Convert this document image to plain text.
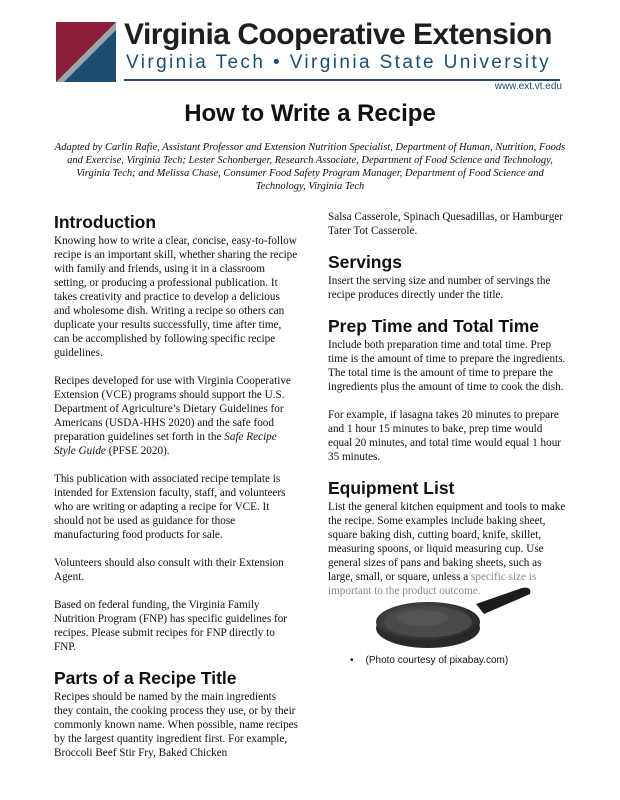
Virginia Cooperative Extension
Virginia Tech • Virginia State University
www.ext.vt.edu
How to Write a Recipe
Adapted by Carlin Rafie, Assistant Professor and Extension Nutrition Specialist, Department of Human, Nutrition, Foods and Exercise, Virginia Tech; Lester Schonberger, Research Associate, Department of Food Science and Technology, Virginia Tech; and Melissa Chase, Consumer Food Safety Program Manager, Department of Food Science and Technology, Virginia Tech
Introduction

Knowing how to write a clear, concise, easy-to-follow recipe is an important skill, whether sharing the recipe with family and friends, using it in a classroom setting, or producing a professional publication. It takes creativity and practice to develop a delicious and wholesome dish. Writing a recipe so others can duplicate your results successfully, time after time, can be accomplished by following specific recipe guidelines.

Recipes developed for use with Virginia Cooperative Extension (VCE) programs should support the U.S. Department of Agriculture’s Dietary Guidelines for Americans (USDA-HHS 2020) and the safe food preparation guidelines set forth in the Safe Recipe Style Guide (PFSE 2020).

This publication with associated recipe template is intended for Extension faculty, staff, and volunteers who are writing or adapting a recipe for VCE. It should not be used as guidance for those manufacturing food products for sale.

Volunteers should also consult with their Extension Agent.

Based on federal funding, the Virginia Family Nutrition Program (FNP) has specific guidelines for recipes. Please submit recipes for FNP directly to FNP.

Parts of a Recipe Title

Recipes should be named by the main ingredients they contain, the cooking process they use, or by their commonly known name. When possible, name recipes by the largest quantity ingredient first. For example, Broccoli Beef Stir Fry, Baked Chicken

Salsa Casserole, Spinach Quesadillas, or Hamburger Tater Tot Casserole.

Servings

Insert the serving size and number of servings the recipe produces directly under the title.

Prep Time and Total Time

Include both preparation time and total time. Prep time is the amount of time to prepare the ingredients. The total time is the amount of time to prepare the ingredients plus the amount of time to cook the dish.

For example, if lasagna takes 20 minutes to prepare and 1 hour 15 minutes to bake, prep time would equal 20 minutes, and total time would equal 1 hour 35 minutes.

Equipment List

List the general kitchen equipment and tools to make the recipe. Some examples include baking sheet, square baking dish, cutting board, knife, skillet, measuring spoons, or liquid measuring cup. Use general sizes of pans and baking sheets, such as large, small, or square, unless a specific size is important to the product outcome.

• (Photo courtesy of pixabay.com)
